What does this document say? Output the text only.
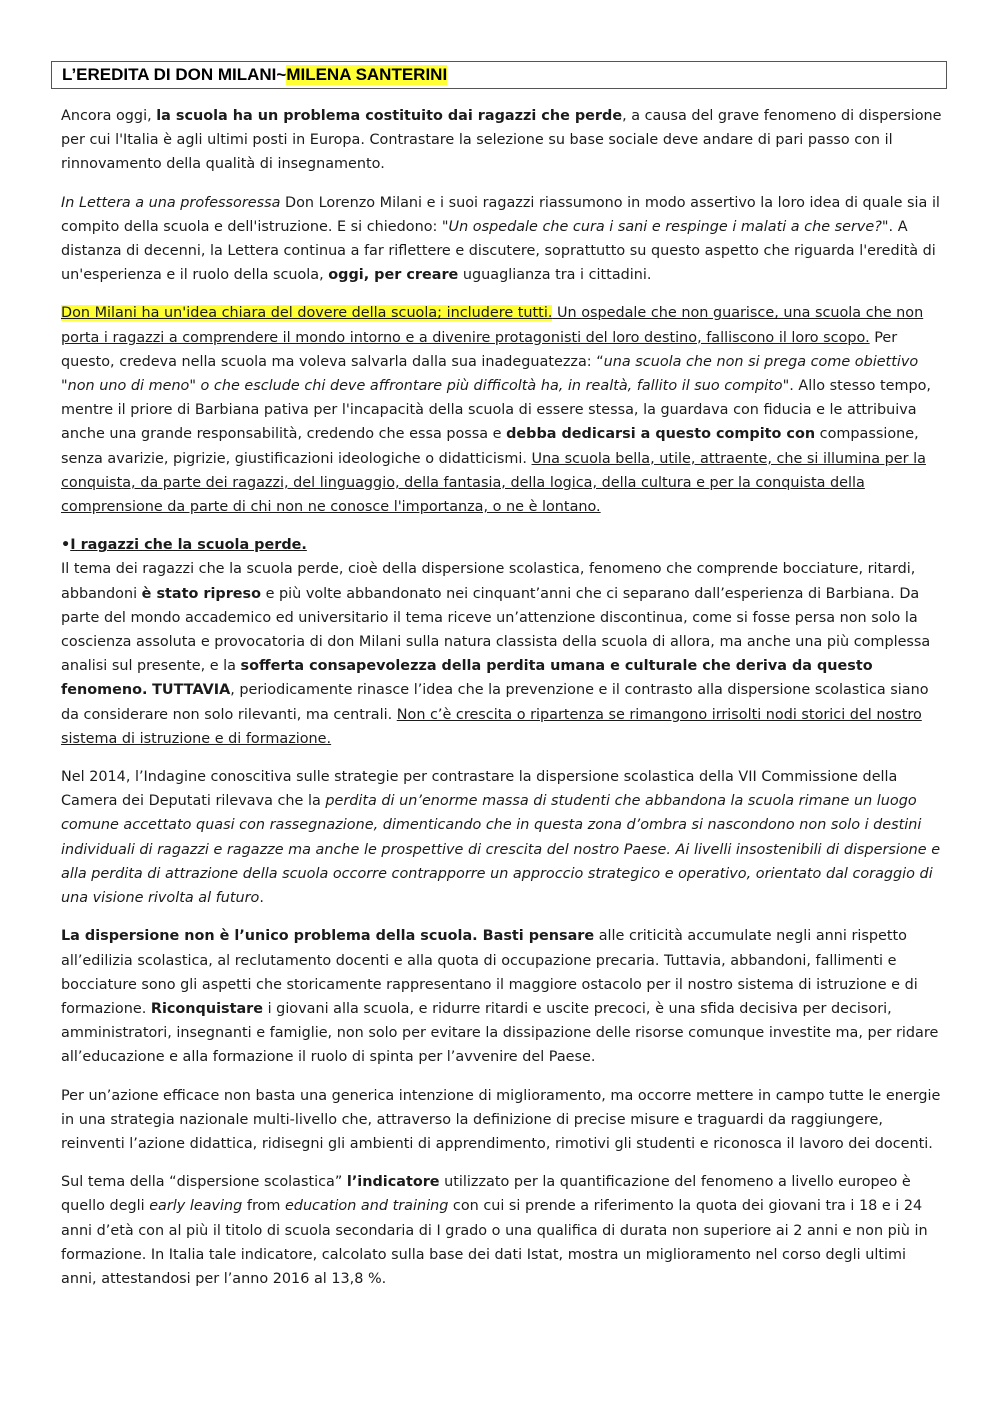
L’EREDITA DI DON MILANI~ MILENA SANTERINI

Ancora oggi, la scuola ha un problema costituito dai ragazzi che perde, a causa del grave fenomeno di dispersione per cui l'Italia è agli ultimi posti in Europa. Contrastare la selezione su base sociale deve andare di pari passo con il rinnovamento della qualità di insegnamento.

In Lettera a una professoressa Don Lorenzo Milani e i suoi ragazzi riassumono in modo assertivo la loro idea di quale sia il compito della scuola e dell'istruzione. E si chiedono: "Un ospedale che cura i sani e respinge i malati a che serve?". A distanza di decenni, la Lettera continua a far riflettere e discutere, soprattutto su questo aspetto che riguarda l'eredità di un'esperienza e il ruolo della scuola, oggi, per creare uguaglianza tra i cittadini.

Don Milani ha un'idea chiara del dovere della scuola; includere tutti. Un ospedale che non guarisce, una scuola che non porta i ragazzi a comprendere il mondo intorno e a divenire protagonisti del loro destino, falliscono il loro scopo. Per questo, credeva nella scuola ma voleva salvarla dalla sua inadeguatezza: “una scuola che non si prega come obiettivo "non uno di meno" o che esclude chi deve affrontare più difficoltà ha, in realtà, fallito il suo compito". Allo stesso tempo, mentre il priore di Barbiana pativa per l'incapacità della scuola di essere stessa, la guardava con fiducia e le attribuiva anche una grande responsabilità, credendo che essa possa e debba dedicarsi a questo compito con compassione, senza avarizie, pigrizie, giustificazioni ideologiche o didatticismi. Una scuola bella, utile, attraente, che si illumina per la conquista, da parte dei ragazzi, del linguaggio, della fantasia, della logica, della cultura e per la conquista della comprensione da parte di chi non ne conosce l'importanza, o ne è lontano.

•I ragazzi che la scuola perde.

Il tema dei ragazzi che la scuola perde, cioè della dispersione scolastica, fenomeno che comprende bocciature, ritardi, abbandoni è stato ripreso e più volte abbandonato nei cinquant’anni che ci separano dall’esperienza di Barbiana. Da parte del mondo accademico ed universitario il tema riceve un’attenzione discontinua, come si fosse persa non solo la coscienza assoluta e provocatoria di don Milani sulla natura classista della scuola di allora, ma anche una più complessa analisi sul presente, e la sofferta consapevolezza della perdita umana e culturale che deriva da questo fenomeno. TUTTAVIA, periodicamente rinasce l’idea che la prevenzione e il contrasto alla dispersione scolastica siano da considerare non solo rilevanti, ma centrali. Non c’è crescita o ripartenza se rimangono irrisolti nodi storici del nostro sistema di istruzione e di formazione.

Nel 2014, l’Indagine conoscitiva sulle strategie per contrastare la dispersione scolastica della VII Commissione della Camera dei Deputati rilevava che la perdita di un’enorme massa di studenti che abbandona la scuola rimane un luogo comune accettato quasi con rassegnazione, dimenticando che in questa zona d’ombra si nascondono non solo i destini individuali di ragazzi e ragazze ma anche le prospettive di crescita del nostro Paese. Ai livelli insostenibili di dispersione e alla perdita di attrazione della scuola occorre contrapporre un approccio strategico e operativo, orientato dal coraggio di una visione rivolta al futuro.

La dispersione non è l’unico problema della scuola. Basti pensare alle criticità accumulate negli anni rispetto all’edilizia scolastica, al reclutamento docenti e alla quota di occupazione precaria. Tuttavia, abbandoni, fallimenti e bocciature sono gli aspetti che storicamente rappresentano il maggiore ostacolo per il nostro sistema di istruzione e di formazione. Riconquistare i giovani alla scuola, e ridurre ritardi e uscite precoci, è una sfida decisiva per decisori, amministratori, insegnanti e famiglie, non solo per evitare la dissipazione delle risorse comunque investite ma, per ridare all’educazione e alla formazione il ruolo di spinta per l’avvenire del Paese.

Per un’azione efficace non basta una generica intenzione di miglioramento, ma occorre mettere in campo tutte le energie in una strategia nazionale multi-livello che, attraverso la definizione di precise misure e traguardi da raggiungere, reinventi l’azione didattica, ridisegni gli ambienti di apprendimento, rimotivi gli studenti e riconosca il lavoro dei docenti.

Sul tema della “dispersione scolastica” l’indicatore utilizzato per la quantificazione del fenomeno a livello europeo è quello degli early leaving from education and training con cui si prende a riferimento la quota dei giovani tra i 18 e i 24 anni d’età con al più il titolo di scuola secondaria di I grado o una qualifica di durata non superiore ai 2 anni e non più in formazione. In Italia tale indicatore, calcolato sulla base dei dati Istat, mostra un miglioramento nel corso degli ultimi anni, attestandosi per l’anno 2016 al 13,8 %.
